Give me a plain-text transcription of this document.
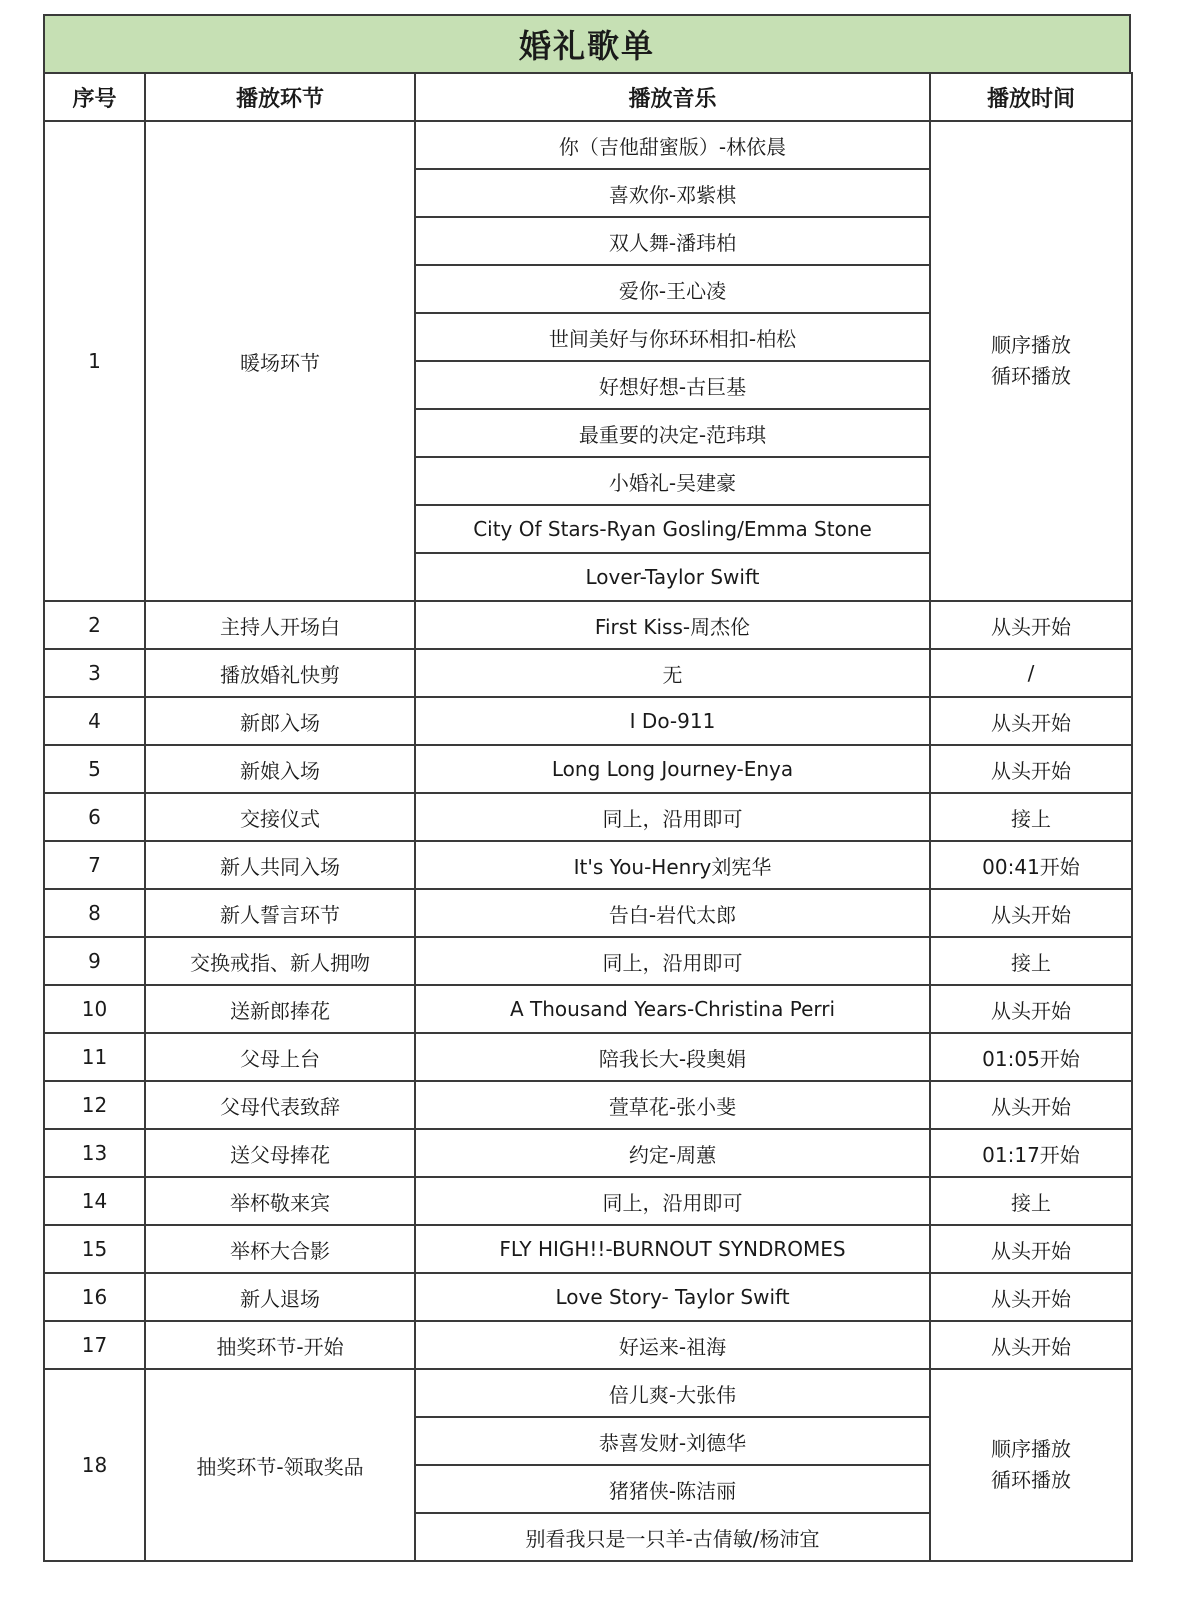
婚礼歌单
序号	播放环节	播放音乐	播放时间
1	暖场环节	你（吉他甜蜜版）-林依晨	顺序播放
循环播放

		喜欢你-邓紫棋	
		双人舞-潘玮柏	
		爱你-王心凌	
		世间美好与你环环相扣-柏松	
		好想好想-古巨基	
		最重要的决定-范玮琪	
		小婚礼-吴建豪	
		City Of Stars-Ryan Gosling/Emma Stone	
		Lover-Taylor Swift	
2	主持人开场白	First Kiss-周杰伦	从头开始
3	播放婚礼快剪	无	/
4	新郎入场	I Do-911	从头开始
5	新娘入场	Long Long Journey-Enya	从头开始
6	交接仪式	同上，沿用即可	接上
7	新人共同入场	It's You-Henry刘宪华	00:41开始
8	新人誓言环节	告白-岩代太郎	从头开始
9	交换戒指、新人拥吻	同上，沿用即可	接上
10	送新郎捧花	A Thousand Years-Christina Perri	从头开始
11	父母上台	陪我长大-段奥娟	01:05开始
12	父母代表致辞	萱草花-张小斐	从头开始
13	送父母捧花	约定-周蕙	01:17开始
14	举杯敬来宾	同上，沿用即可	接上
15	举杯大合影	FLY HIGH!!-BURNOUT SYNDROMES	从头开始
16	新人退场	Love Story- Taylor Swift	从头开始
17	抽奖环节-开始	好运来-祖海	从头开始
18	抽奖环节-领取奖品	倍儿爽-大张伟	顺序播放
循环播放

		恭喜发财-刘德华	
		猪猪侠-陈洁丽	
		别看我只是一只羊-古倩敏/杨沛宜	
